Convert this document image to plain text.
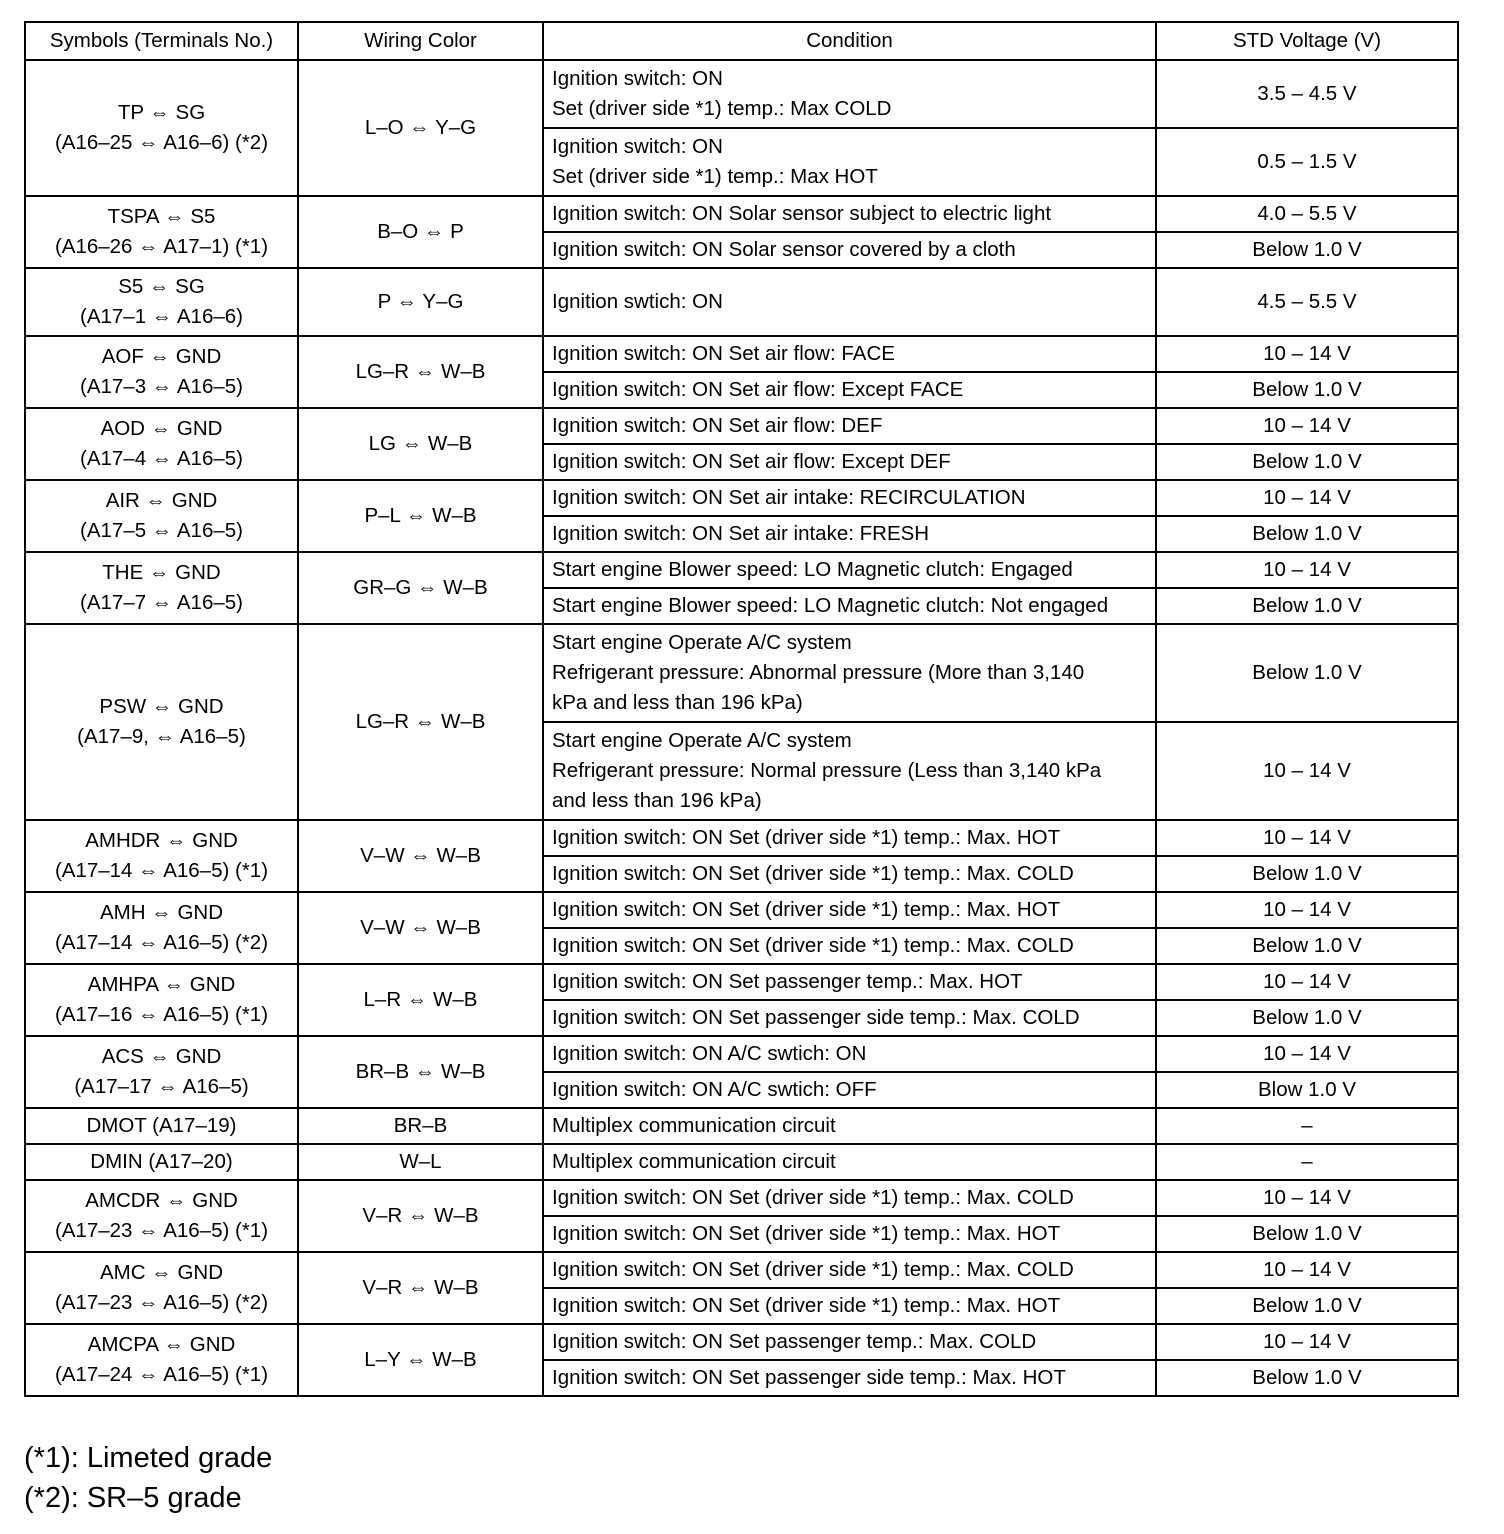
Symbols (Terminals No.)	Wiring Color	Condition	STD Voltage (V)

TP ⇔ SG
(A16–25 ⇔ A16–6) (*2)	L–O ⇔ Y–G	Ignition switch: ON
Set (driver side *1) temp.: Max COLD	3.5 – 4.5 V

		Ignition switch: ON
Set (driver side *1) temp.: Max HOT	0.5 – 1.5 V

TSPA ⇔ S5
(A16–26 ⇔ A17–1) (*1)	B–O ⇔ P	Ignition switch: ON Solar sensor subject to electric light	4.0 – 5.5 V

		Ignition switch: ON Solar sensor covered by a cloth	Below 1.0 V

S5 ⇔ SG
(A17–1 ⇔ A16–6)	P ⇔ Y–G	Ignition swtich: ON	4.5 – 5.5 V

AOF ⇔ GND
(A17–3 ⇔ A16–5)	LG–R ⇔ W–B	Ignition switch: ON Set air flow: FACE	10 – 14 V

		Ignition switch: ON Set air flow: Except FACE	Below 1.0 V

AOD ⇔ GND
(A17–4 ⇔ A16–5)	LG ⇔ W–B	Ignition switch: ON Set air flow: DEF	10 – 14 V

		Ignition switch: ON Set air flow: Except DEF	Below 1.0 V

AIR ⇔ GND
(A17–5 ⇔ A16–5)	P–L ⇔ W–B	Ignition switch: ON Set air intake: RECIRCULATION	10 – 14 V

		Ignition switch: ON Set air intake: FRESH	Below 1.0 V

THE ⇔ GND
(A17–7 ⇔ A16–5)	GR–G ⇔ W–B	Start engine Blower speed: LO Magnetic clutch: Engaged	10 – 14 V

		Start engine Blower speed: LO Magnetic clutch: Not engaged	Below 1.0 V

PSW ⇔ GND
(A17–9, ⇔ A16–5)	LG–R ⇔ W–B	Start engine Operate A/C system
Refrigerant pressure: Abnormal pressure (More than 3,140
kPa and less than 196 kPa)	Below 1.0 V

		Start engine Operate A/C system
Refrigerant pressure: Normal pressure (Less than 3,140 kPa
and less than 196 kPa)	10 – 14 V

AMHDR ⇔ GND
(A17–14 ⇔ A16–5) (*1)	V–W ⇔ W–B	Ignition switch: ON Set (driver side *1) temp.: Max. HOT	10 – 14 V

		Ignition switch: ON Set (driver side *1) temp.: Max. COLD	Below 1.0 V

AMH ⇔ GND
(A17–14 ⇔ A16–5) (*2)	V–W ⇔ W–B	Ignition switch: ON Set (driver side *1) temp.: Max. HOT	10 – 14 V

		Ignition switch: ON Set (driver side *1) temp.: Max. COLD	Below 1.0 V

AMHPA ⇔ GND
(A17–16 ⇔ A16–5) (*1)	L–R ⇔ W–B	Ignition switch: ON Set passenger temp.: Max. HOT	10 – 14 V

		Ignition switch: ON Set passenger side temp.: Max. COLD	Below 1.0 V

ACS ⇔ GND
(A17–17 ⇔ A16–5)	BR–B ⇔ W–B	Ignition switch: ON A/C swtich: ON	10 – 14 V

		Ignition switch: ON A/C swtich: OFF	Blow 1.0 V

DMOT (A17–19)	BR–B	Multiplex communication circuit	–

DMIN (A17–20)	W–L	Multiplex communication circuit	–

AMCDR ⇔ GND
(A17–23 ⇔ A16–5) (*1)	V–R ⇔ W–B	Ignition switch: ON Set (driver side *1) temp.: Max. COLD	10 – 14 V

		Ignition switch: ON Set (driver side *1) temp.: Max. HOT	Below 1.0 V

AMC ⇔ GND
(A17–23 ⇔ A16–5) (*2)	V–R ⇔ W–B	Ignition switch: ON Set (driver side *1) temp.: Max. COLD	10 – 14 V

		Ignition switch: ON Set (driver side *1) temp.: Max. HOT	Below 1.0 V

AMCPA ⇔ GND
(A17–24 ⇔ A16–5) (*1)	L–Y ⇔ W–B	Ignition switch: ON Set passenger temp.: Max. COLD	10 – 14 V

		Ignition switch: ON Set passenger side temp.: Max. HOT	Below 1.0 V
(*1): Limeted grade
(*2): SR–5 grade
